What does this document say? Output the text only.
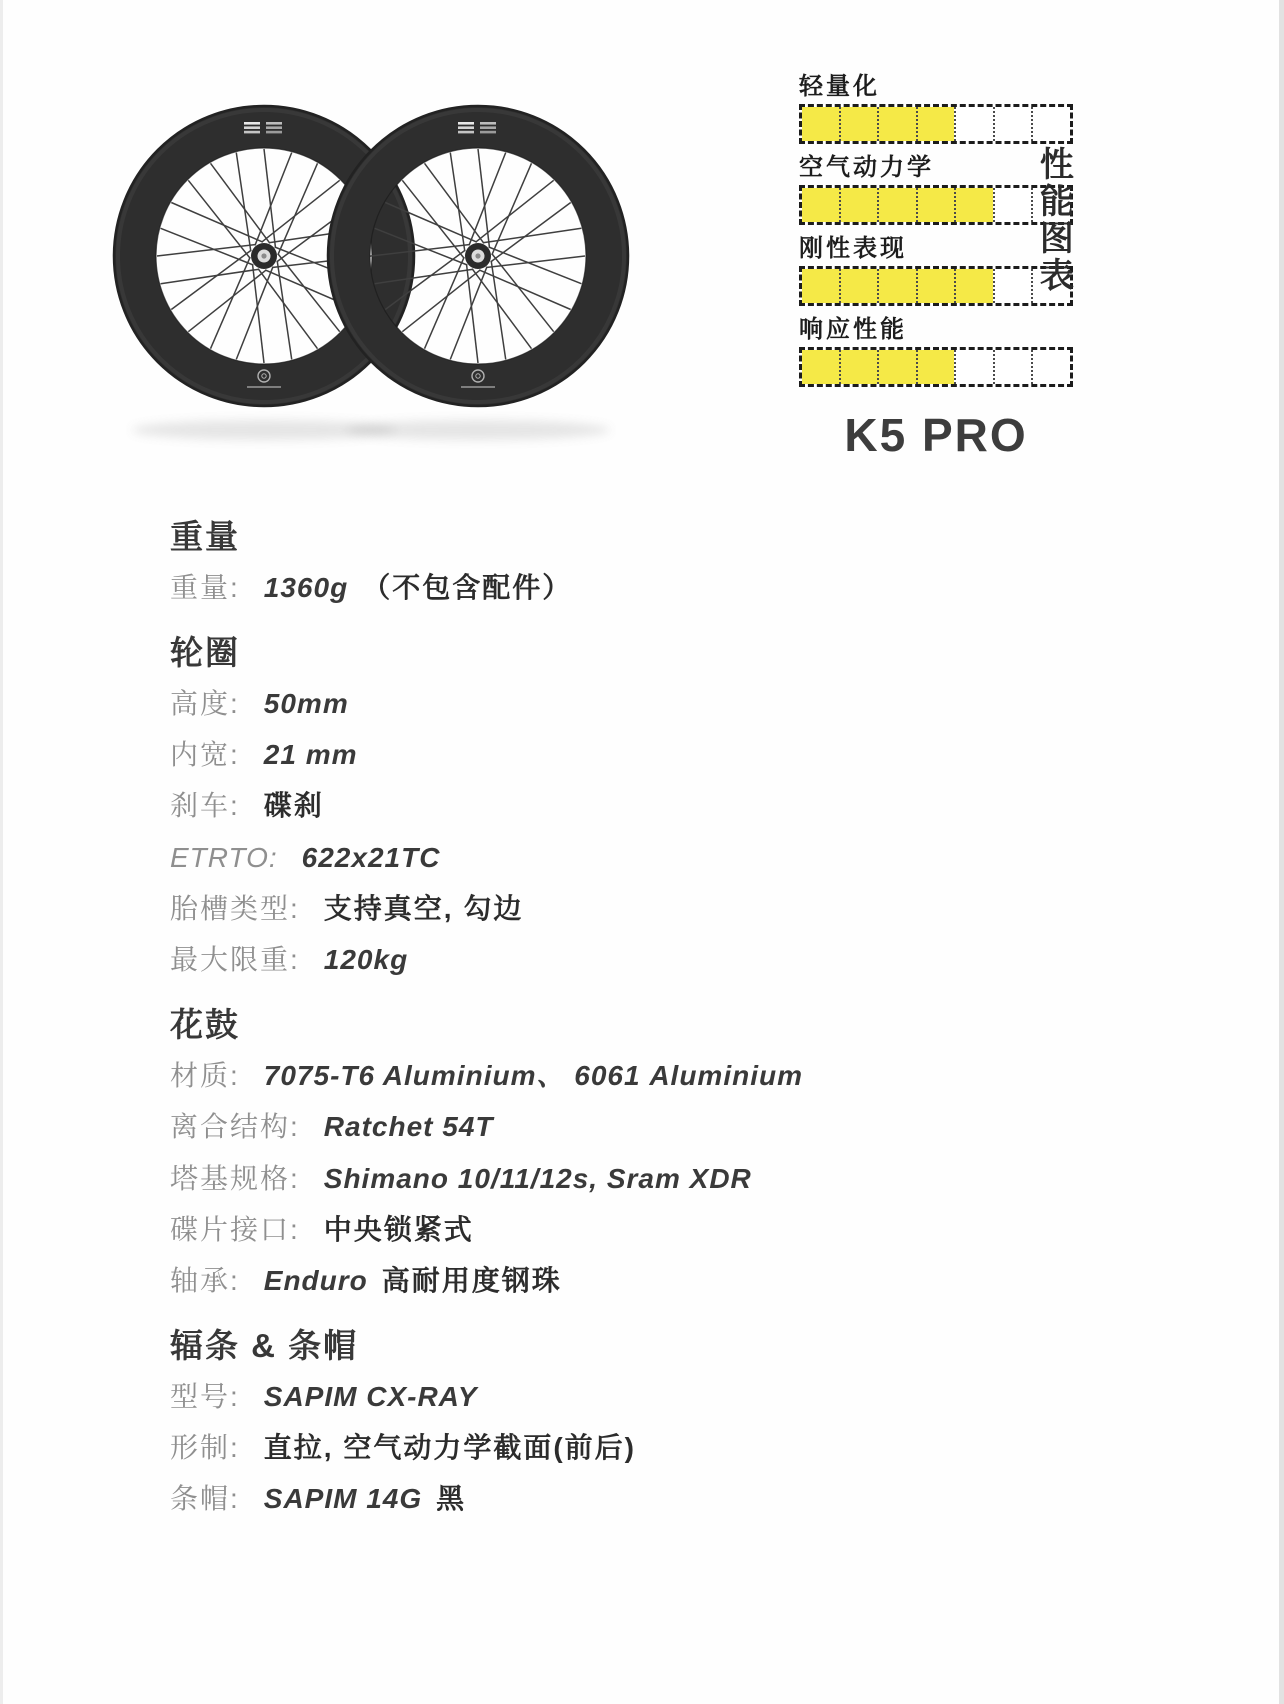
轻量化
空气动力学
刚性表现
响应性能
性能图表
K5 PRO
重量
重量: 1360g （不包含配件）
轮圈
高度: 50mm
内宽: 21 mm
刹车: 碟刹
ETRTO: 622x21TC
胎槽类型: 支持真空, 勾边
最大限重: 120kg
花鼓
材质: 7075-T6 Aluminium、 6061 Aluminium
离合结构: Ratchet 54T
塔基规格: Shimano 10/11/12s, Sram XDR
碟片接口: 中央锁紧式
轴承: Enduro 高耐用度钢珠
辐条 & 条帽
型号: SAPIM CX-RAY
形制: 直拉, 空气动力学截面(前后)
条帽: SAPIM 14G 黑
